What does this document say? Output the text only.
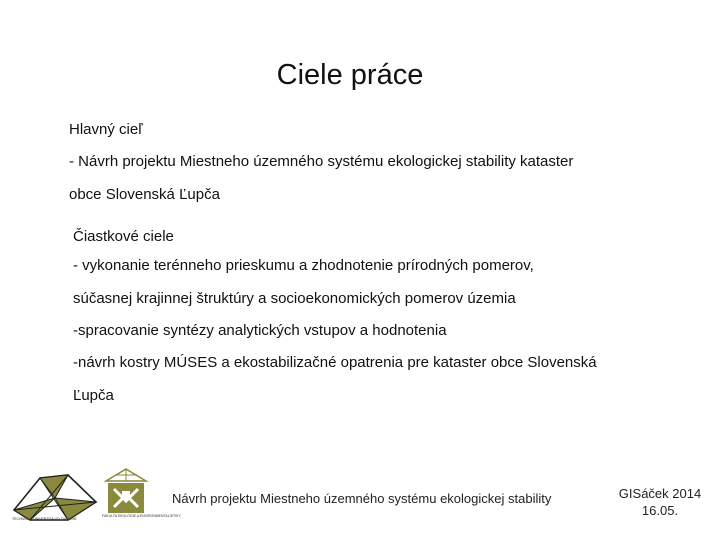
Ciele práce
Hlavný cieľ
- Návrh projektu Miestneho územného systému ekologickej stability kataster
obce Slovenská Ľupča
Čiastkové ciele
- vykonanie terénneho prieskumu a zhodnotenie prírodných pomerov,
súčasnej krajinnej štruktúry a socioekonomických pomerov územia
-spracovanie syntézy analytických vstupov a hodnotenia
-návrh kostry MÚSES a ekostabilizačné opatrenia pre kataster obce Slovenská
Ľupča
TECHNICKÁ UNIVERZITA VO ZVOLENE
FAKULTA EKOLÓGIE A ENVIRONMENTALISTIKY
Návrh projektu Miestneho územného systému ekologickej stability	GISáček 2014
16.05.
